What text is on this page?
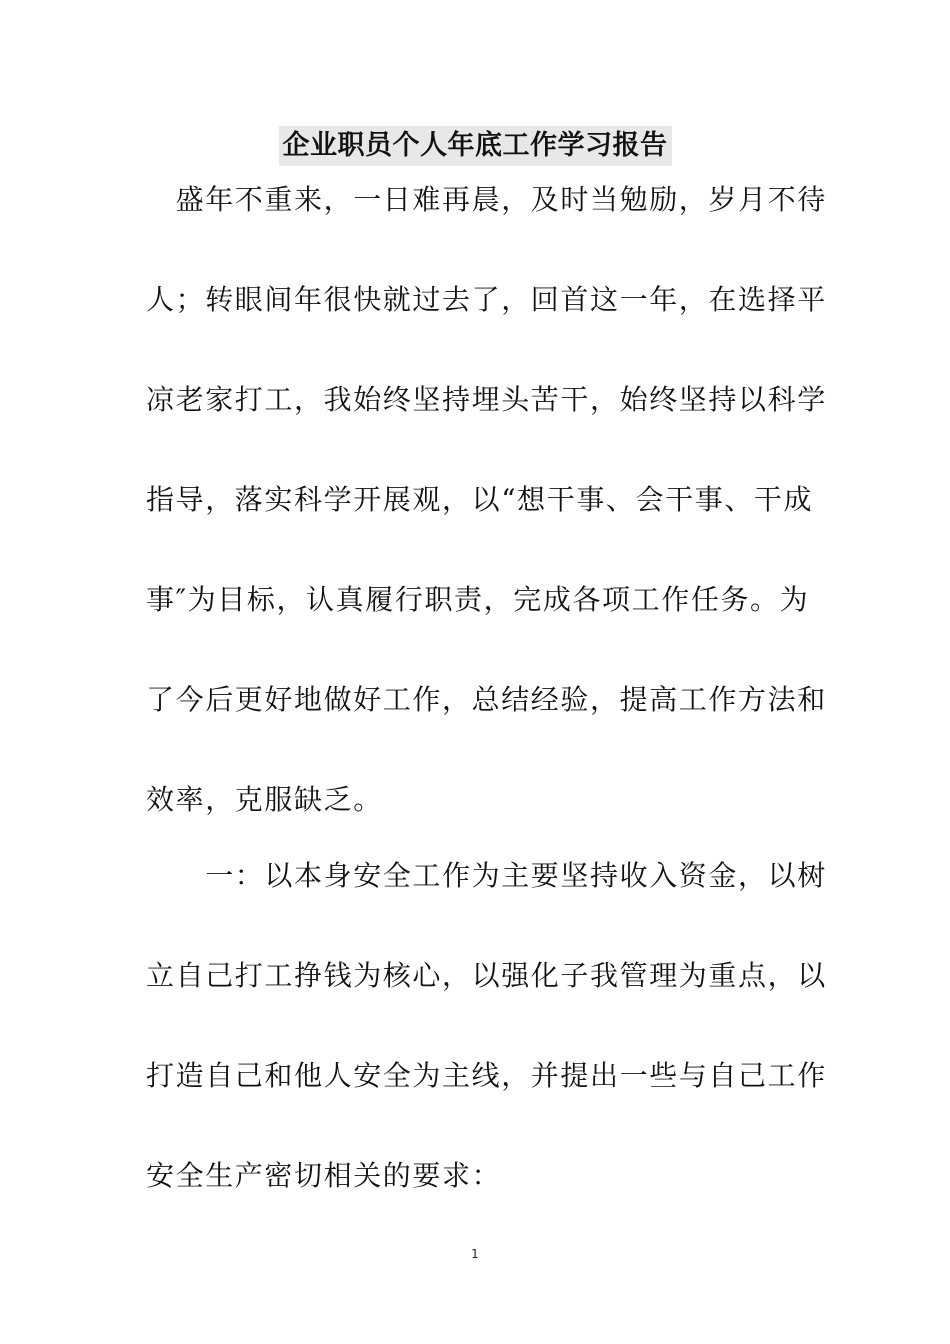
企业职员个人年底工作学习报告
　盛年不重来，一日难再晨，及时当勉励，岁月不待
人；转眼间年很快就过去了，回首这一年，在选择平
凉老家打工，我始终坚持埋头苦干，始终坚持以科学
指导，落实科学开展观，以“想干事、会干事、干成
事″为目标，认真履行职责，完成各项工作任务。为
了今后更好地做好工作，总结经验，提高工作方法和
效率，克服缺乏。
　　一：以本身安全工作为主要坚持收入资金，以树
立自己打工挣钱为核心，以强化子我管理为重点，以
打造自己和他人安全为主线，并提出一些与自己工作
安全生产密切相关的要求：
1
